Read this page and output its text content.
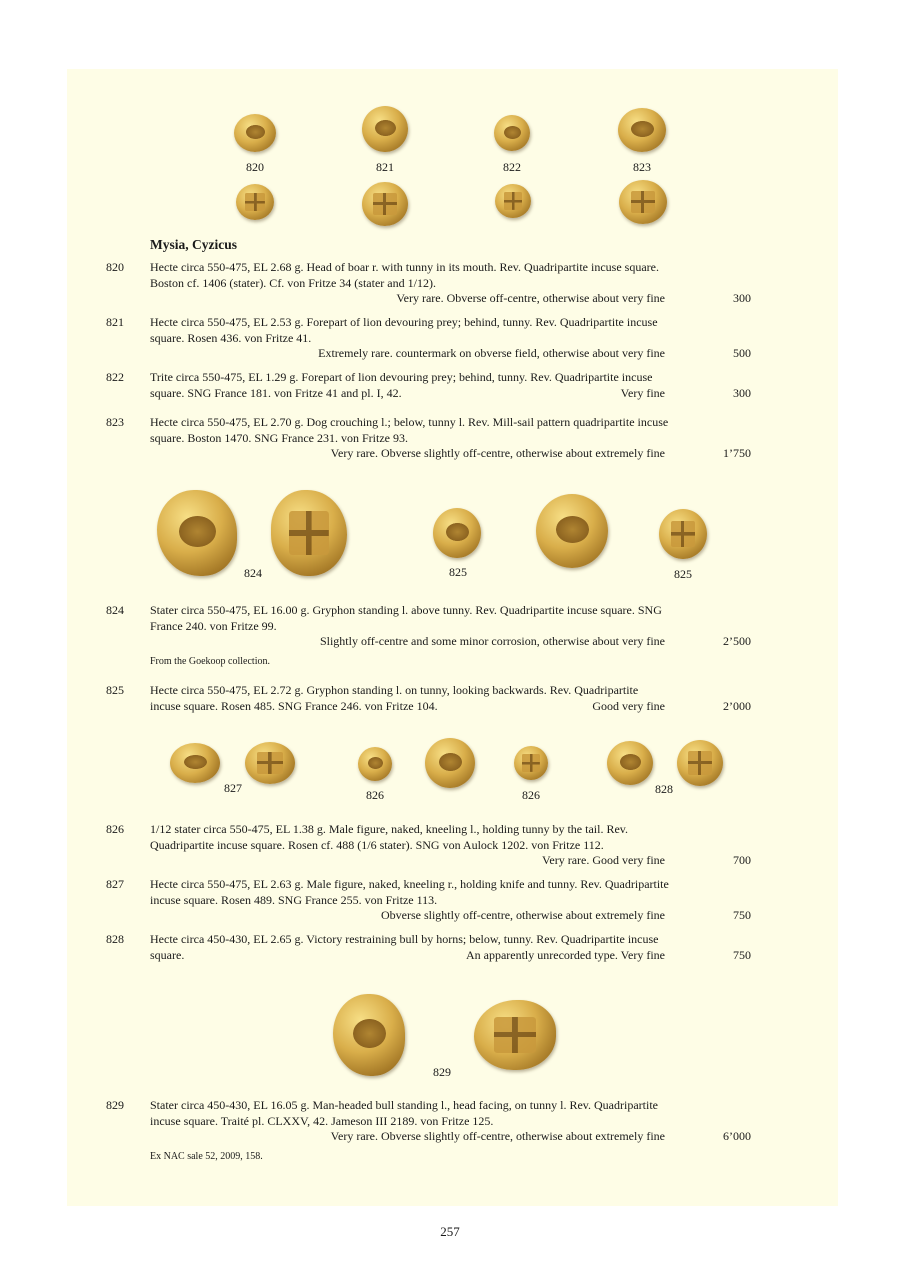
820	821	822	823
Mysia, Cyzicus
820 Hecte circa 550-475, EL 2.68 g. Head of boar r. with tunny in its mouth. Rev. Quadripartite incuse square.
Boston cf. 1406 (stater). Cf. von Fritze 34 (stater and 1/12).
Very rare. Obverse off-centre, otherwise about very fine	300
821 Hecte circa 550-475, EL 2.53 g. Forepart of lion devouring prey; behind, tunny. Rev. Quadripartite incuse
square. Rosen 436. von Fritze 41.
Extremely rare. countermark on obverse field, otherwise about very fine	500
822 Trite circa 550-475, EL 1.29 g. Forepart of lion devouring prey; behind, tunny. Rev. Quadripartite incuse
square. SNG France 181. von Fritze 41 and pl. I, 42.	Very fine	300
823 Hecte circa 550-475, EL 2.70 g. Dog crouching l.; below, tunny l. Rev. Mill-sail pattern quadripartite incuse
square. Boston 1470. SNG France 231. von Fritze 93.
Very rare. Obverse slightly off-centre, otherwise about extremely fine	1’750
824	825	825
824 Stater circa 550-475, EL 16.00 g. Gryphon standing l. above tunny. Rev. Quadripartite incuse square. SNG
France 240. von Fritze 99.
Slightly off-centre and some minor corrosion, otherwise about very fine	2’500
From the Goekoop collection.
825 Hecte circa 550-475, EL 2.72 g. Gryphon standing l. on tunny, looking backwards. Rev. Quadripartite
incuse square. Rosen 485. SNG France 246. von Fritze 104.	Good very fine	2’000
827	826	826	828
826 1/12 stater circa 550-475, EL 1.38 g. Male figure, naked, kneeling l., holding tunny by the tail. Rev.
Quadripartite incuse square. Rosen cf. 488 (1/6 stater). SNG von Aulock 1202. von Fritze 112.
Very rare. Good very fine	700
827 Hecte circa 550-475, EL 2.63 g. Male figure, naked, kneeling r., holding knife and tunny. Rev. Quadripartite
incuse square. Rosen 489. SNG France 255. von Fritze 113.
Obverse slightly off-centre, otherwise about extremely fine	750
828 Hecte circa 450-430, EL 2.65 g. Victory restraining bull by horns; below, tunny. Rev. Quadripartite incuse
square.	An apparently unrecorded type. Very fine	750
829
829 Stater circa 450-430, EL 16.05 g. Man-headed bull standing l., head facing, on tunny l. Rev. Quadripartite
incuse square. Traité pl. CLXXV, 42. Jameson III 2189. von Fritze 125.
Very rare. Obverse slightly off-centre, otherwise about extremely fine	6’000
Ex NAC sale 52, 2009, 158.
257
